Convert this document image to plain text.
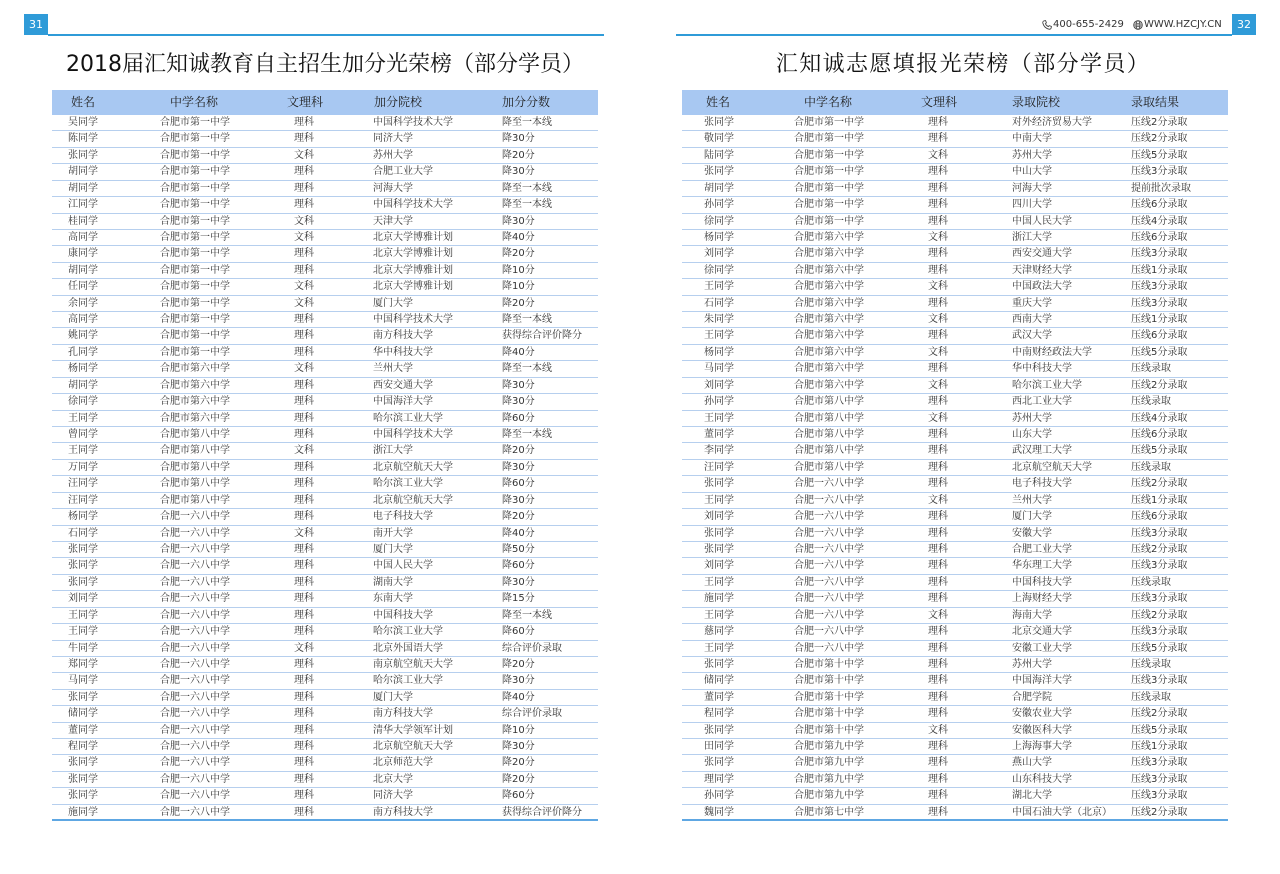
31
2018届汇知诚教育自主招生加分光荣榜（部分学员）
姓名	中学名称	文理科	加分院校	加分分数
吴同学	合肥市第一中学	理科	中国科学技术大学	降至一本线
陈同学	合肥市第一中学	理科	同济大学	降30分
张同学	合肥市第一中学	文科	苏州大学	降20分
胡同学	合肥市第一中学	理科	合肥工业大学	降30分
胡同学	合肥市第一中学	理科	河海大学	降至一本线
江同学	合肥市第一中学	理科	中国科学技术大学	降至一本线
桂同学	合肥市第一中学	文科	天津大学	降30分
高同学	合肥市第一中学	文科	北京大学博雅计划	降40分
康同学	合肥市第一中学	理科	北京大学博雅计划	降20分
胡同学	合肥市第一中学	理科	北京大学博雅计划	降10分
任同学	合肥市第一中学	文科	北京大学博雅计划	降10分
余同学	合肥市第一中学	文科	厦门大学	降20分
高同学	合肥市第一中学	理科	中国科学技术大学	降至一本线
姚同学	合肥市第一中学	理科	南方科技大学	获得综合评价降分
孔同学	合肥市第一中学	理科	华中科技大学	降40分
杨同学	合肥市第六中学	文科	兰州大学	降至一本线
胡同学	合肥市第六中学	理科	西安交通大学	降30分
徐同学	合肥市第六中学	理科	中国海洋大学	降30分
王同学	合肥市第六中学	理科	哈尔滨工业大学	降60分
曾同学	合肥市第八中学	理科	中国科学技术大学	降至一本线
王同学	合肥市第八中学	文科	浙江大学	降20分
万同学	合肥市第八中学	理科	北京航空航天大学	降30分
汪同学	合肥市第八中学	理科	哈尔滨工业大学	降60分
汪同学	合肥市第八中学	理科	北京航空航天大学	降30分
杨同学	合肥一六八中学	理科	电子科技大学	降20分
石同学	合肥一六八中学	文科	南开大学	降40分
张同学	合肥一六八中学	理科	厦门大学	降50分
张同学	合肥一六八中学	理科	中国人民大学	降60分
张同学	合肥一六八中学	理科	湖南大学	降30分
刘同学	合肥一六八中学	理科	东南大学	降15分
王同学	合肥一六八中学	理科	中国科技大学	降至一本线
王同学	合肥一六八中学	理科	哈尔滨工业大学	降60分
牛同学	合肥一六八中学	文科	北京外国语大学	综合评价录取
郑同学	合肥一六八中学	理科	南京航空航天大学	降20分
马同学	合肥一六八中学	理科	哈尔滨工业大学	降30分
张同学	合肥一六八中学	理科	厦门大学	降40分
储同学	合肥一六八中学	理科	南方科技大学	综合评价录取
董同学	合肥一六八中学	理科	清华大学领军计划	降10分
程同学	合肥一六八中学	理科	北京航空航天大学	降30分
张同学	合肥一六八中学	理科	北京师范大学	降20分
张同学	合肥一六八中学	理科	北京大学	降20分
张同学	合肥一六八中学	理科	同济大学	降60分
施同学	合肥一六八中学	理科	南方科技大学	获得综合评价降分
400-655-2429 WWW.HZCJY.CN	32
汇知诚志愿填报光荣榜（部分学员）
姓名	中学名称	文理科	录取院校	录取结果
张同学	合肥市第一中学	理科	对外经济贸易大学	压线2分录取
敬同学	合肥市第一中学	理科	中南大学	压线2分录取
陆同学	合肥市第一中学	文科	苏州大学	压线5分录取
张同学	合肥市第一中学	理科	中山大学	压线3分录取
胡同学	合肥市第一中学	理科	河海大学	提前批次录取
孙同学	合肥市第一中学	理科	四川大学	压线6分录取
徐同学	合肥市第一中学	理科	中国人民大学	压线4分录取
杨同学	合肥市第六中学	文科	浙江大学	压线6分录取
刘同学	合肥市第六中学	理科	西安交通大学	压线3分录取
徐同学	合肥市第六中学	理科	天津财经大学	压线1分录取
王同学	合肥市第六中学	文科	中国政法大学	压线3分录取
石同学	合肥市第六中学	理科	重庆大学	压线3分录取
朱同学	合肥市第六中学	文科	西南大学	压线1分录取
王同学	合肥市第六中学	理科	武汉大学	压线6分录取
杨同学	合肥市第六中学	文科	中南财经政法大学	压线5分录取
马同学	合肥市第六中学	理科	华中科技大学	压线录取
刘同学	合肥市第六中学	文科	哈尔滨工业大学	压线2分录取
孙同学	合肥市第八中学	理科	西北工业大学	压线录取
王同学	合肥市第八中学	文科	苏州大学	压线4分录取
董同学	合肥市第八中学	理科	山东大学	压线6分录取
李同学	合肥市第八中学	理科	武汉理工大学	压线5分录取
汪同学	合肥市第八中学	理科	北京航空航天大学	压线录取
张同学	合肥一六八中学	理科	电子科技大学	压线2分录取
王同学	合肥一六八中学	文科	兰州大学	压线1分录取
刘同学	合肥一六八中学	理科	厦门大学	压线6分录取
张同学	合肥一六八中学	理科	安徽大学	压线3分录取
张同学	合肥一六八中学	理科	合肥工业大学	压线2分录取
刘同学	合肥一六八中学	理科	华东理工大学	压线3分录取
王同学	合肥一六八中学	理科	中国科技大学	压线录取
施同学	合肥一六八中学	理科	上海财经大学	压线3分录取
王同学	合肥一六八中学	文科	海南大学	压线2分录取
慈同学	合肥一六八中学	理科	北京交通大学	压线3分录取
王同学	合肥一六八中学	理科	安徽工业大学	压线5分录取
张同学	合肥市第十中学	理科	苏州大学	压线录取
储同学	合肥市第十中学	理科	中国海洋大学	压线3分录取
董同学	合肥市第十中学	理科	合肥学院	压线录取
程同学	合肥市第十中学	理科	安徽农业大学	压线2分录取
张同学	合肥市第十中学	文科	安徽医科大学	压线5分录取
田同学	合肥市第九中学	理科	上海海事大学	压线1分录取
张同学	合肥市第九中学	理科	燕山大学	压线3分录取
理同学	合肥市第九中学	理科	山东科技大学	压线3分录取
孙同学	合肥市第九中学	理科	湖北大学	压线3分录取
魏同学	合肥市第七中学	理科	中国石油大学（北京） 压线2分录取
